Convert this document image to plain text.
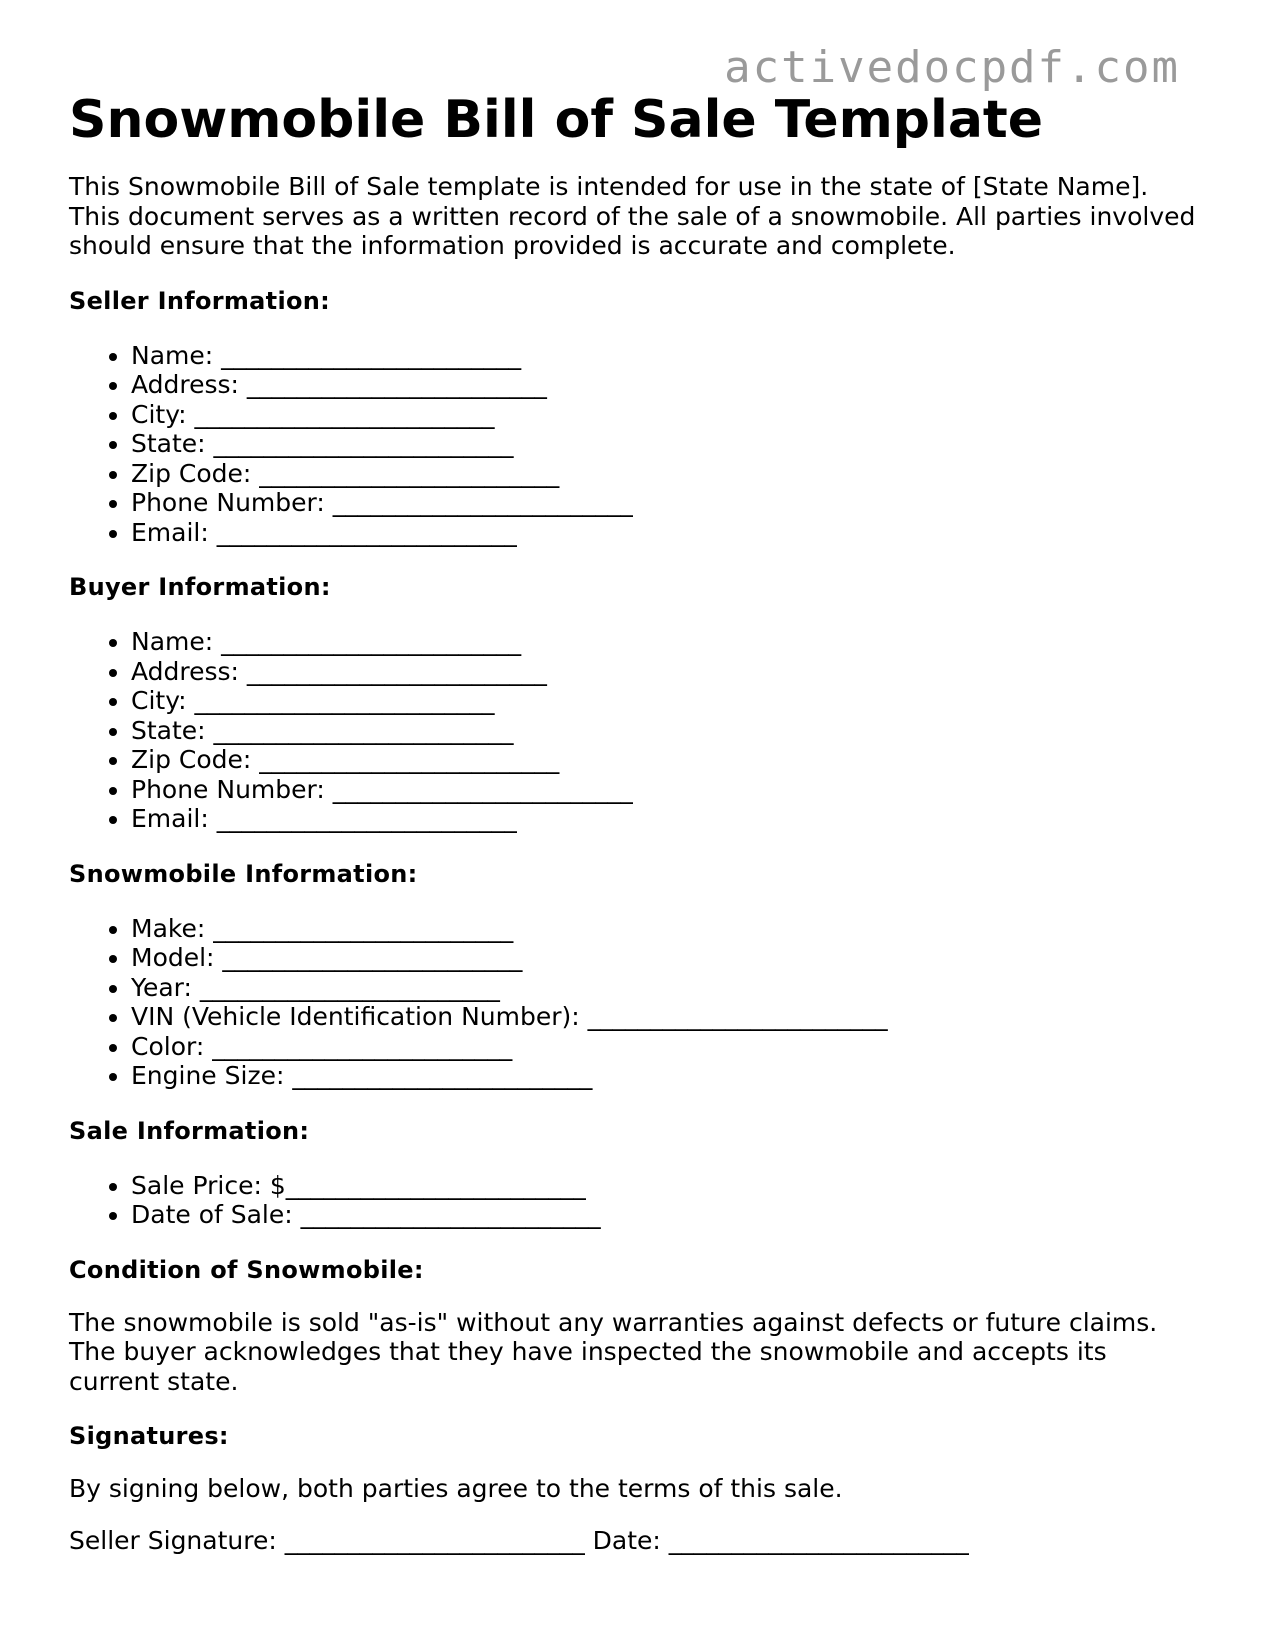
activedocpdf.com
Snowmobile Bill of Sale Template

This Snowmobile Bill of Sale template is intended for use in the state of [State Name]. This document serves as a written record of the sale of a snowmobile. All parties involved should ensure that the information provided is accurate and complete.

Seller Information:
• Name: ________________________
• Address: ________________________
• City: ________________________
• State: ________________________
• Zip Code: ________________________
• Phone Number: ________________________
• Email: ________________________
Buyer Information:
• Name: ________________________
• Address: ________________________
• City: ________________________
• State: ________________________
• Zip Code: ________________________
• Phone Number: ________________________
• Email: ________________________
Snowmobile Information:
• Make: ________________________
• Model: ________________________
• Year: ________________________
• VIN (Vehicle Identification Number): ________________________
• Color: ________________________
• Engine Size: ________________________
Sale Information:
• Sale Price: $________________________
• Date of Sale: ________________________
Condition of Snowmobile:

The snowmobile is sold "as-is" without any warranties against defects or future claims. The buyer acknowledges that they have inspected the snowmobile and accepts its current state.

Signatures:

By signing below, both parties agree to the terms of this sale.

Seller Signature: ________________________ Date: ________________________
